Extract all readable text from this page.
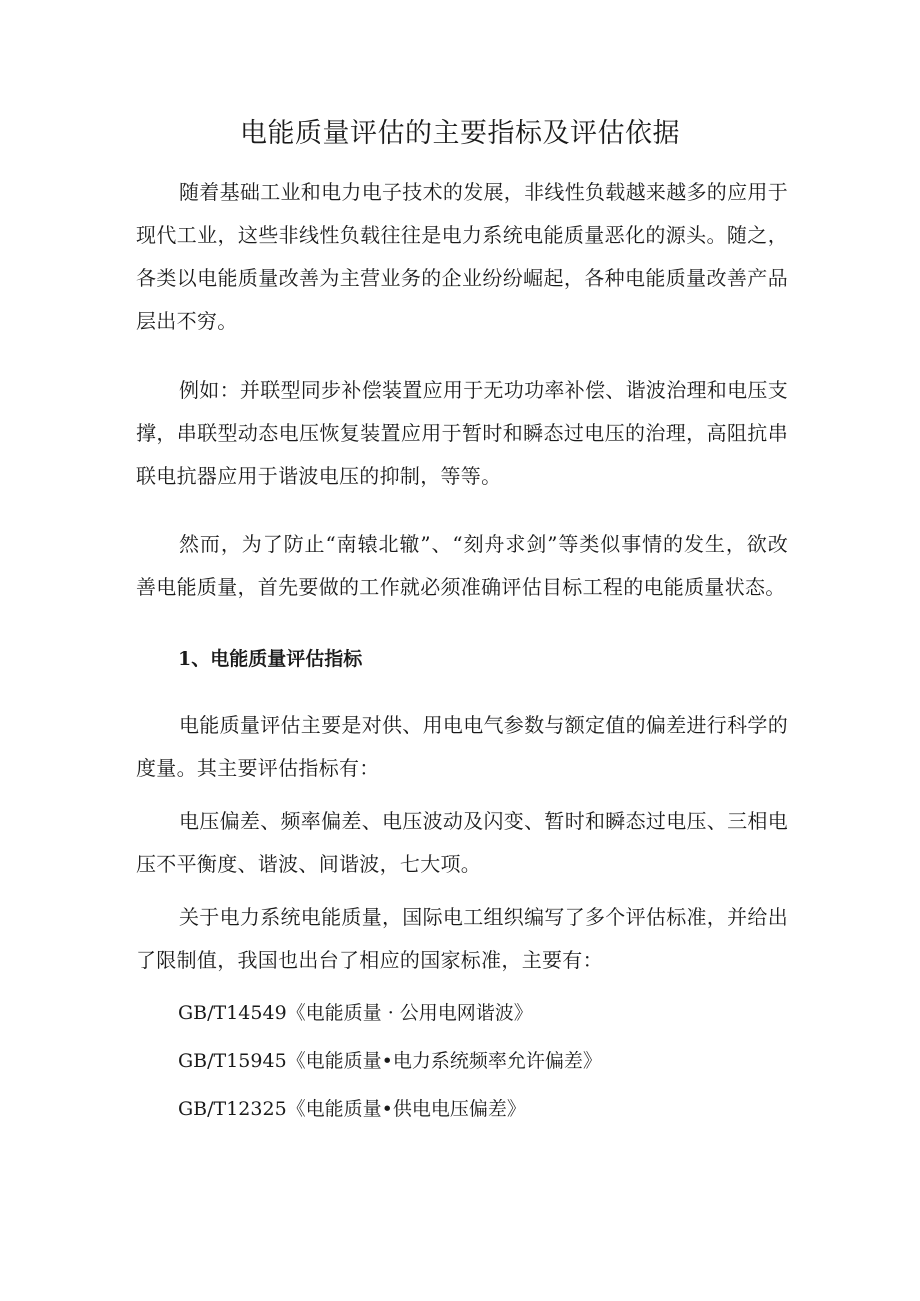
电能质量评估的主要指标及评估依据

随着基础工业和电力电子技术的发展，非线性负载越来越多的应用于现代工业，这些非线性负载往往是电力系统电能质量恶化的源头。随之，各类以电能质量改善为主营业务的企业纷纷崛起，各种电能质量改善产品层出不穷。

例如：并联型同步补偿装置应用于无功功率补偿、谐波治理和电压支撑，串联型动态电压恢复装置应用于暂时和瞬态过电压的治理，高阻抗串联电抗器应用于谐波电压的抑制，等等。

然而，为了防止“南辕北辙”、“刻舟求剑”等类似事情的发生，欲改善电能质量，首先要做的工作就必须准确评估目标工程的电能质量状态。

1、电能质量评估指标

电能质量评估主要是对供、用电电气参数与额定值的偏差进行科学的度量。其主要评估指标有：

电压偏差、频率偏差、电压波动及闪变、暂时和瞬态过电压、三相电压不平衡度、谐波、间谐波，七大项。

关于电力系统电能质量，国际电工组织编写了多个评估标准，并给出了限制值，我国也出台了相应的国家标准，主要有：

GB/T14549《电能质量 · 公用电网谐波》
GB/T15945《电能质量•电力系统频率允许偏差》
GB/T12325《电能质量•供电电压偏差》
